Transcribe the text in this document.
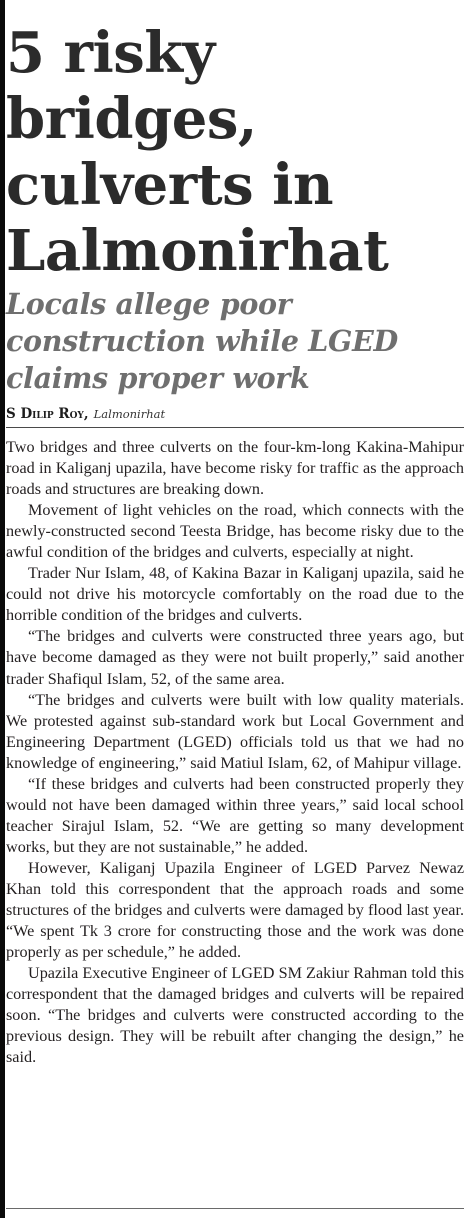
5 risky bridges, culverts in Lalmonirhat
Locals allege poor construction while LGED claims proper work
S Dilip Roy, Lalmonirhat

Two bridges and three culverts on the four-km-long Kakina-Mahipur road in Kaliganj upazila, have become risky for traffic as the approach roads and structures are breaking down.

Movement of light vehicles on the road, which connects with the newly-constructed second Teesta Bridge, has become risky due to the awful condition of the bridges and culverts, especially at night.

Trader Nur Islam, 48, of Kakina Bazar in Kaliganj upazila, said he could not drive his motorcycle comfortably on the road due to the horrible condition of the bridges and culverts.

“The bridges and culverts were constructed three years ago, but have become damaged as they were not built properly,” said another trader Shafiqul Islam, 52, of the same area.

“The bridges and culverts were built with low quality materials. We protested against sub-standard work but Local Government and Engineering Department (LGED) officials told us that we had no knowledge of engineering,” said Matiul Islam, 62, of Mahipur village.

“If these bridges and culverts had been constructed properly they would not have been damaged within three years,” said local school teacher Sirajul Islam, 52. “We are getting so many development works, but they are not sustainable,” he added.

However, Kaliganj Upazila Engineer of LGED Parvez Newaz Khan told this correspondent that the approach roads and some structures of the bridges and culverts were damaged by flood last year. “We spent Tk 3 crore for constructing those and the work was done properly as per schedule,” he added.

Upazila Executive Engineer of LGED SM Zakiur Rahman told this correspondent that the damaged bridges and culverts will be repaired soon. “The bridges and culverts were constructed according to the previous design. They will be rebuilt after changing the design,” he said.
